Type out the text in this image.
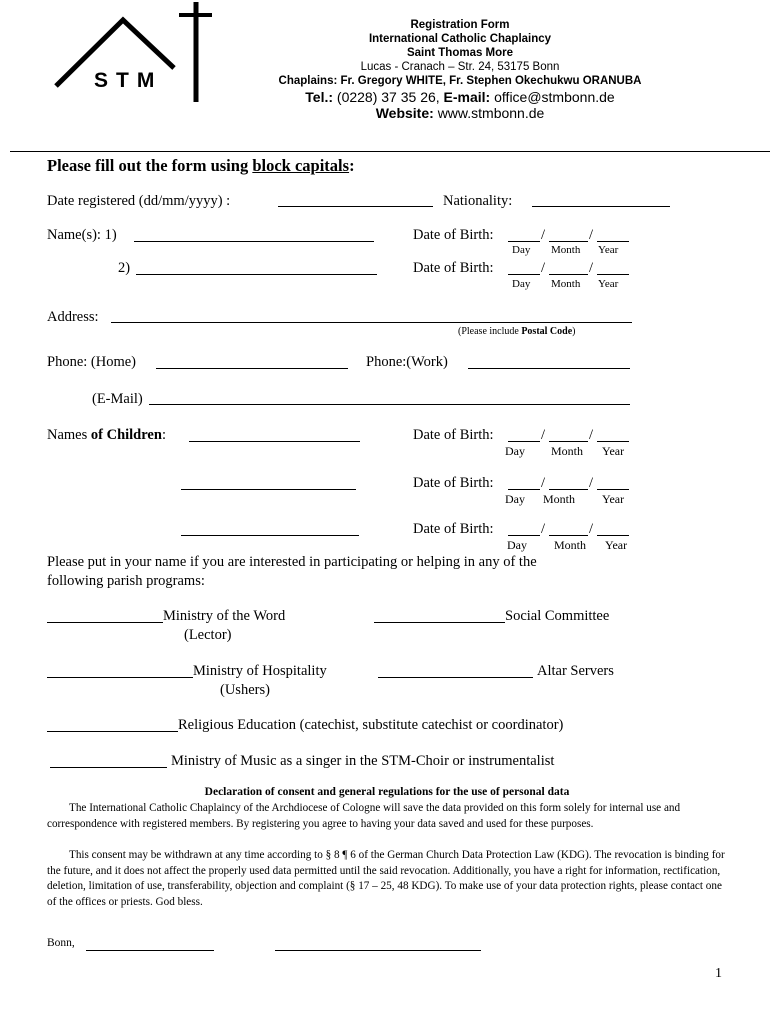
STM
Registration Form
International Catholic Chaplaincy
Saint Thomas More
Lucas - Cranach – Str. 24, 53175 Bonn
Chaplains: Fr. Gregory WHITE, Fr. Stephen Okechukwu ORANUBA
Tel.: (0228) 37 35 26, E-mail: office@stmbonn.de
Website: www.stmbonn.de
Please fill out the form using block capitals:
Date registered (dd/mm/yyyy) :	Nationality:
Name(s): 1)	Date of Birth:	/	/
Day Month Year
2)	Date of Birth:	/	/
Day Month Year
Address:
(Please include Postal Code)
Phone: (Home)	Phone:(Work)
(E-Mail)
Names of Children:	Date of Birth:	/	/
Day Month Year
Date of Birth:	/	/
Day Month Year
Date of Birth:	/	/
Day Month Year
Please put in your name if you are interested in participating or helping in any of the
following parish programs:
Ministry of the Word
(Lector)
Social Committee
Ministry of Hospitality
(Ushers)
Altar Servers
Religious Education (catechist, substitute catechist or coordinator)
Ministry of Music as a singer in the STM-Choir or instrumentalist
Declaration of consent and general regulations for the use of personal data
The International Catholic Chaplaincy of the Archdiocese of Cologne will save the data provided on this form solely for internal use and correspondence with registered members. By registering you agree to having your data saved and used for these purposes.
This consent may be withdrawn at any time according to § 8 ¶ 6 of the German Church Data Protection Law (KDG). The revocation is binding for the future, and it does not affect the properly used data permitted until the said revocation. Additionally, you have a right for information, rectification, deletion, limitation of use, transferability, objection and complaint (§ 17 – 25, 48 KDG). To make use of your data protection rights, please contact one of the offices or priests. God bless.
Bonn,
1
